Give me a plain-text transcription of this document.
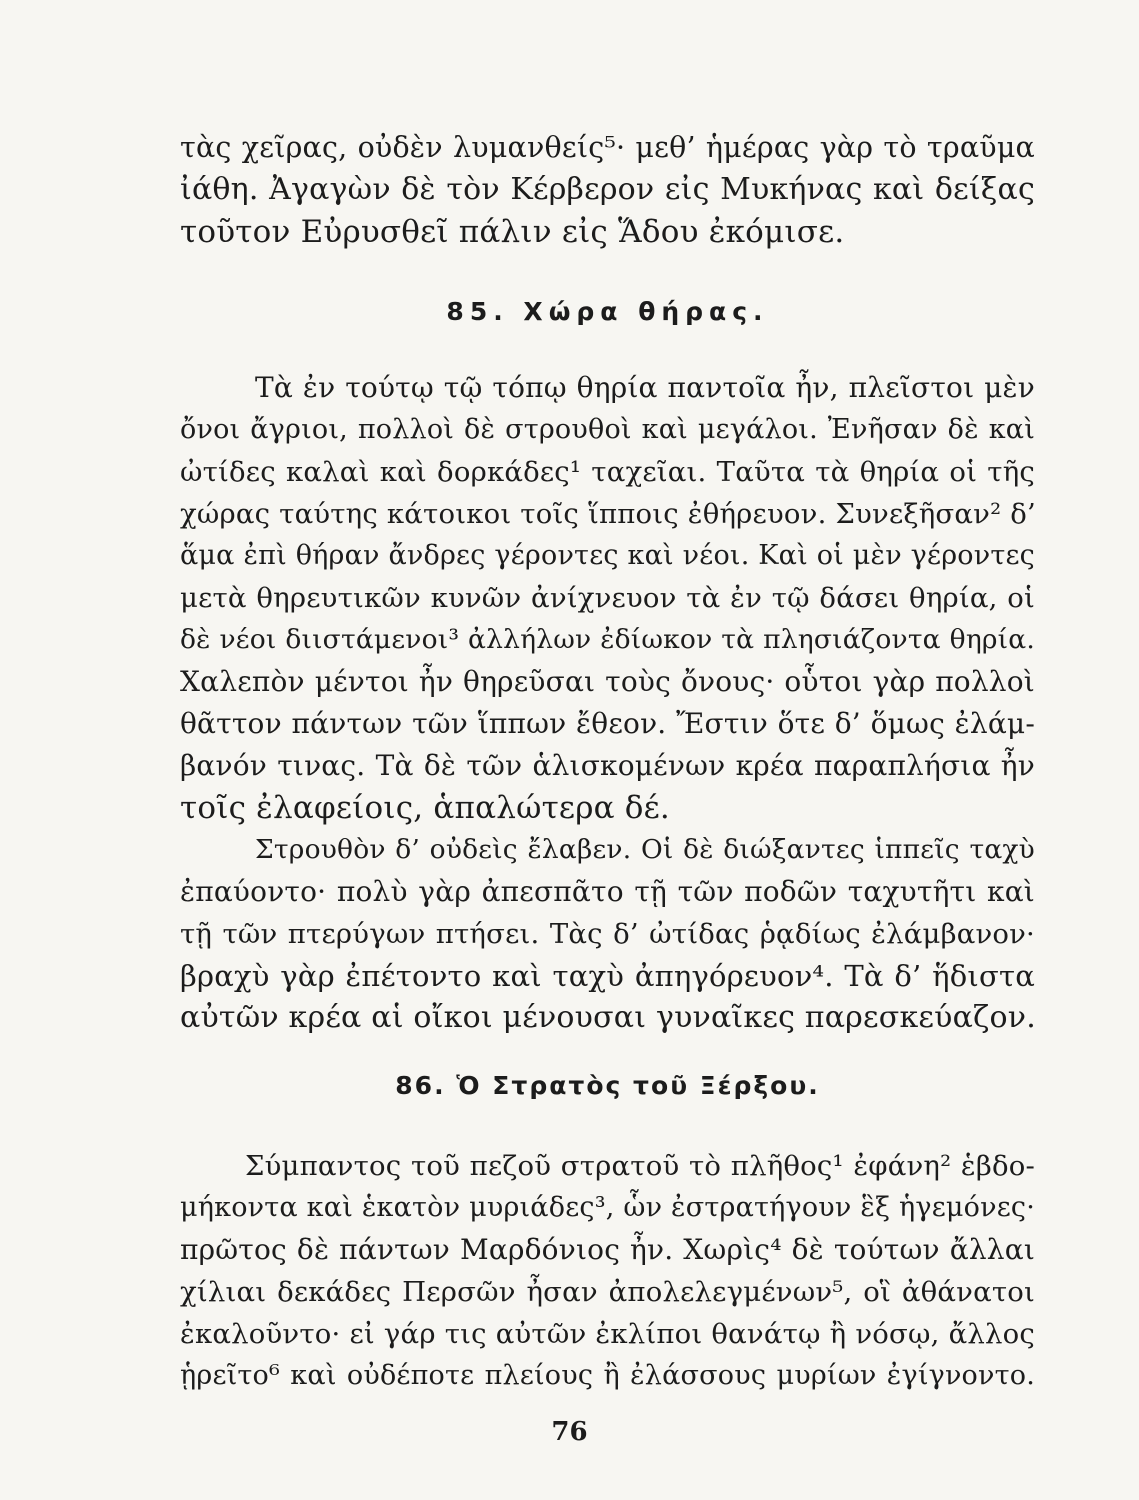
τὰς χεῖρας, οὐδὲν λυμανθείς⁵· μεθ’ ἡμέρας γὰρ τὸ τραῦμα
ἰάθη. Ἀγαγὼν δὲ τὸν Κέρβερον εἰς Μυκήνας καὶ δείξας
τοῦτον Εὐρυσθεῖ πάλιν εἰς Ἅδου ἐκόμισε.
85. Χώρα θήρας.
Τὰ ἐν τούτῳ τῷ τόπῳ θηρία παντοῖα ἦν, πλεῖστοι μὲν
ὄνοι ἄγριοι, πολλοὶ δὲ στρουθοὶ καὶ μεγάλοι. Ἐνῆσαν δὲ καὶ
ὠτίδες καλαὶ καὶ δορκάδες¹ ταχεῖαι. Ταῦτα τὰ θηρία οἱ τῆς
χώρας ταύτης κάτοικοι τοῖς ἵπποις ἐθήρευον. Συνεξῆσαν² δ’
ἅμα ἐπὶ θήραν ἄνδρες γέροντες καὶ νέοι. Καὶ οἱ μὲν γέροντες
μετὰ θηρευτικῶν κυνῶν ἀνίχνευον τὰ ἐν τῷ δάσει θηρία, οἱ
δὲ νέοι διιστάμενοι³ ἀλλήλων ἐδίωκον τὰ πλησιάζοντα θηρία.
Χαλεπὸν μέντοι ἦν θηρεῦσαι τοὺς ὄνους· οὗτοι γὰρ πολλοὶ
θᾶττον πάντων τῶν ἵππων ἔθεον. Ἔστιν ὅτε δ’ ὅμως ἐλάμ-
βανόν τινας. Τὰ δὲ τῶν ἁλισκομένων κρέα παραπλήσια ἦν
τοῖς ἐλαφείοις, ἁπαλώτερα δέ.
Στρουθὸν δ’ οὐδεὶς ἔλαβεν. Οἱ δὲ διώξαντες ἱππεῖς ταχὺ
ἐπαύοντο· πολὺ γὰρ ἀπεσπᾶτο τῇ τῶν ποδῶν ταχυτῆτι καὶ
τῇ τῶν πτερύγων πτήσει. Τὰς δ’ ὠτίδας ῥᾳδίως ἐλάμβανον·
βραχὺ γὰρ ἐπέτοντο καὶ ταχὺ ἀπηγόρευον⁴. Τὰ δ’ ἥδιστα
αὐτῶν κρέα αἱ οἴκοι μένουσαι γυναῖκες παρεσκεύαζον.
86. Ὁ Στρατὸς τοῦ Ξέρξου.
Σύμπαντος τοῦ πεζοῦ στρατοῦ τὸ πλῆθος¹ ἐφάνη² ἑβδο-
μήκοντα καὶ ἑκατὸν μυριάδες³, ὧν ἐστρατήγουν ἓξ ἡγεμόνες·
πρῶτος δὲ πάντων Μαρδόνιος ἦν. Χωρὶς⁴ δὲ τούτων ἄλλαι
χίλιαι δεκάδες Περσῶν ἦσαν ἀπολελεγμένων⁵, οἳ ἀθάνατοι
ἐκαλοῦντο· εἰ γάρ τις αὐτῶν ἐκλίποι θανάτῳ ἢ νόσῳ, ἄλλος
ᾑρεῖτο⁶ καὶ οὐδέποτε πλείους ἢ ἐλάσσους μυρίων ἐγίγνοντο.
76
